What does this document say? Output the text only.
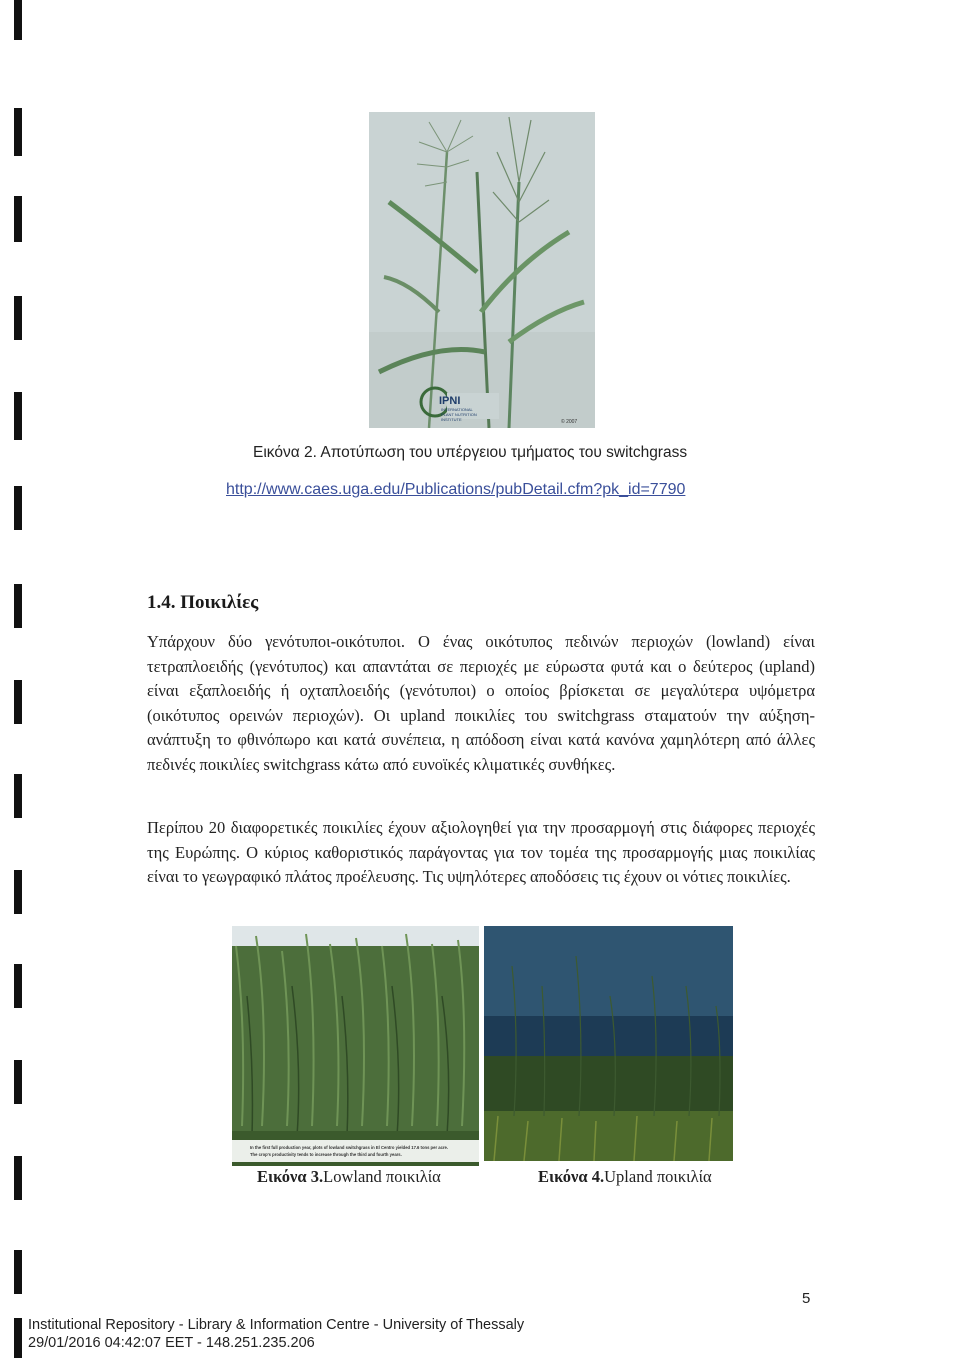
IPNI
INTERNATIONAL
PLANT NUTRITION
INSTITUTE	© 2007
Εικόνα 2. Αποτύπωση του υπέργειου τμήματος του switchgrass
http://www.caes.uga.edu/Publications/pubDetail.cfm?pk_id=7790
1.4. Ποικιλίες
Υπάρχουν δύο γενότυποι-οικότυποι. Ο ένας οικότυπος πεδινών περιοχών (lowland) είναι τετραπλοειδής (γενότυπος) και απαντάται σε περιοχές με εύρωστα φυτά και ο δεύτερος (upland) είναι εξαπλοειδής ή οχταπλοειδής (γενότυποι) ο οποίος βρίσκεται σε μεγαλύτερα υψόμετρα (οικότυπος ορεινών περιοχών). Οι upland ποικιλίες του switchgrass σταματούν την αύξηση-ανάπτυξη το φθινόπωρο και κατά συνέπεια, η απόδοση είναι κατά κανόνα χαμηλότερη από άλλες πεδινές ποικιλίες switchgrass κάτω από ευνοϊκές κλιματικές συνθήκες.
Περίπου 20 διαφορετικές ποικιλίες έχουν αξιολογηθεί για την προσαρμογή στις διάφορες περιοχές της Ευρώπης. Ο κύριος καθοριστικός παράγοντας για τον τομέα της προσαρμογής μιας ποικιλίας είναι το γεωγραφικό πλάτος προέλευσης. Τις υψηλότερες αποδόσεις τις έχουν οι νότιες ποικιλίες.
In the first full production year, plots of lowland switchgrass in El Centro yielded 17.6 tons per acre.
The crop's productivity tends to increase through the third and fourth years.
Εικόνα 3.Lowland ποικιλία	Εικόνα 4.Upland ποικιλία
5
Institutional Repository - Library & Information Centre - University of Thessaly
29/01/2016 04:42:07 EET - 148.251.235.206
